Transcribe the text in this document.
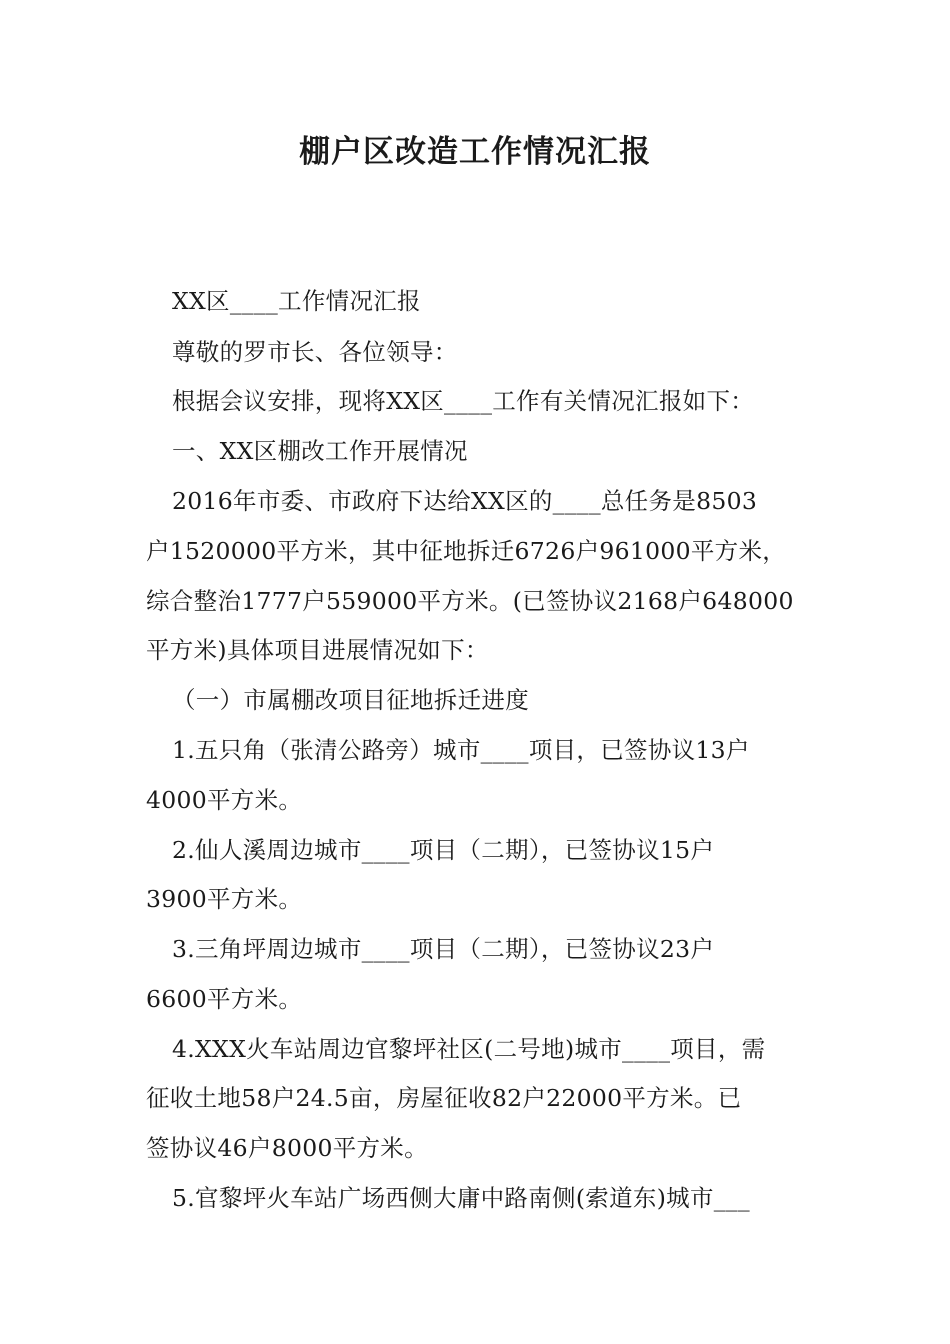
棚户区改造工作情况汇报
XX区____工作情况汇报
尊敬的罗市长、各位领导：
根据会议安排，现将XX区____工作有关情况汇报如下：
一、XX区棚改工作开展情况
2016年市委、市政府下达给XX区的____总任务是8503
户1520000平方米，其中征地拆迁6726户961000平方米，
综合整治1777户559000平方米。(已签协议2168户648000
平方米)具体项目进展情况如下：
（一）市属棚改项目征地拆迁进度
1.五只角（张清公路旁）城市____项目，已签协议13户
4000平方米。
2.仙人溪周边城市____项目（二期），已签协议15户
3900平方米。
3.三角坪周边城市____项目（二期），已签协议23户
6600平方米。
4.XXX火车站周边官黎坪社区(二号地)城市____项目，需
征收土地58户24.5亩，房屋征收82户22000平方米。已
签协议46户8000平方米。
5.官黎坪火车站广场西侧大庸中路南侧(索道东)城市___
